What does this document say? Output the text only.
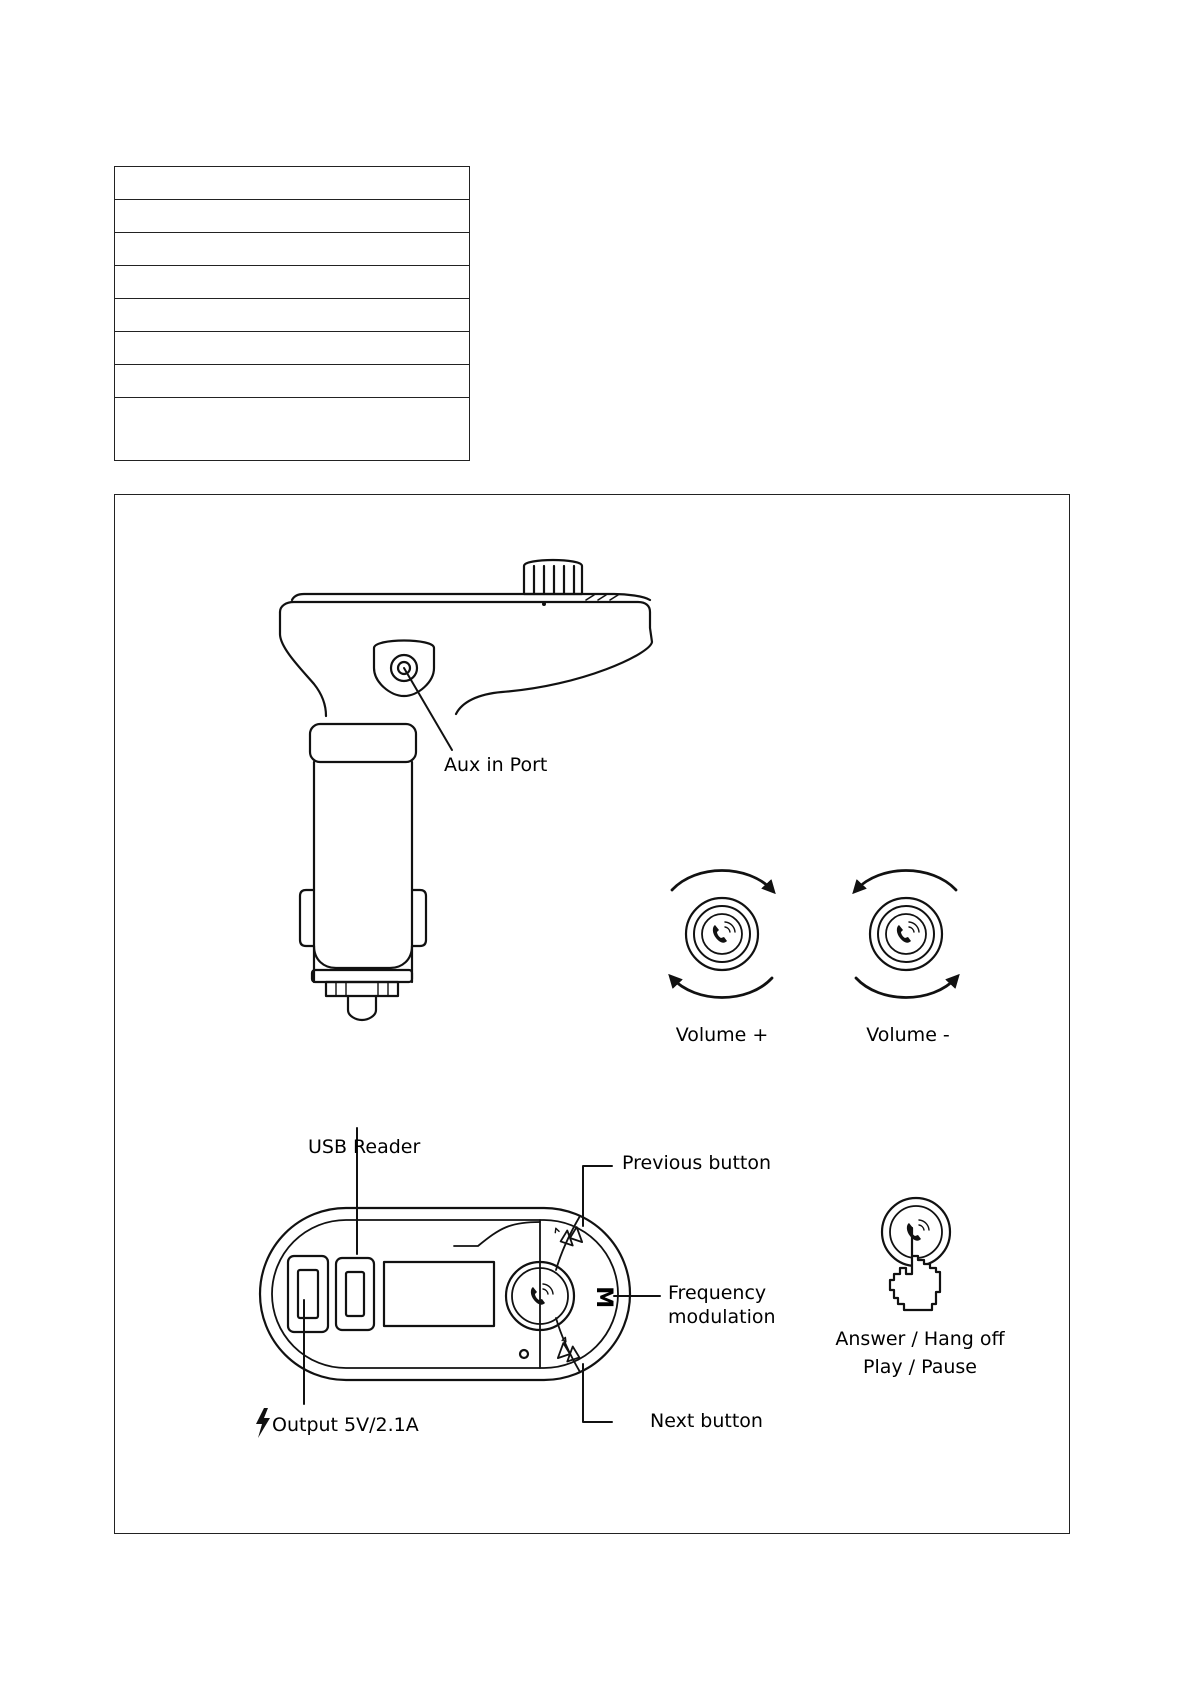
Aux in Port
Volume +	Volume -
USB Reader
Previous button
Frequency
modulation
Next button
Output 5V/2.1A
Answer / Hang off
Play / Pause
M
